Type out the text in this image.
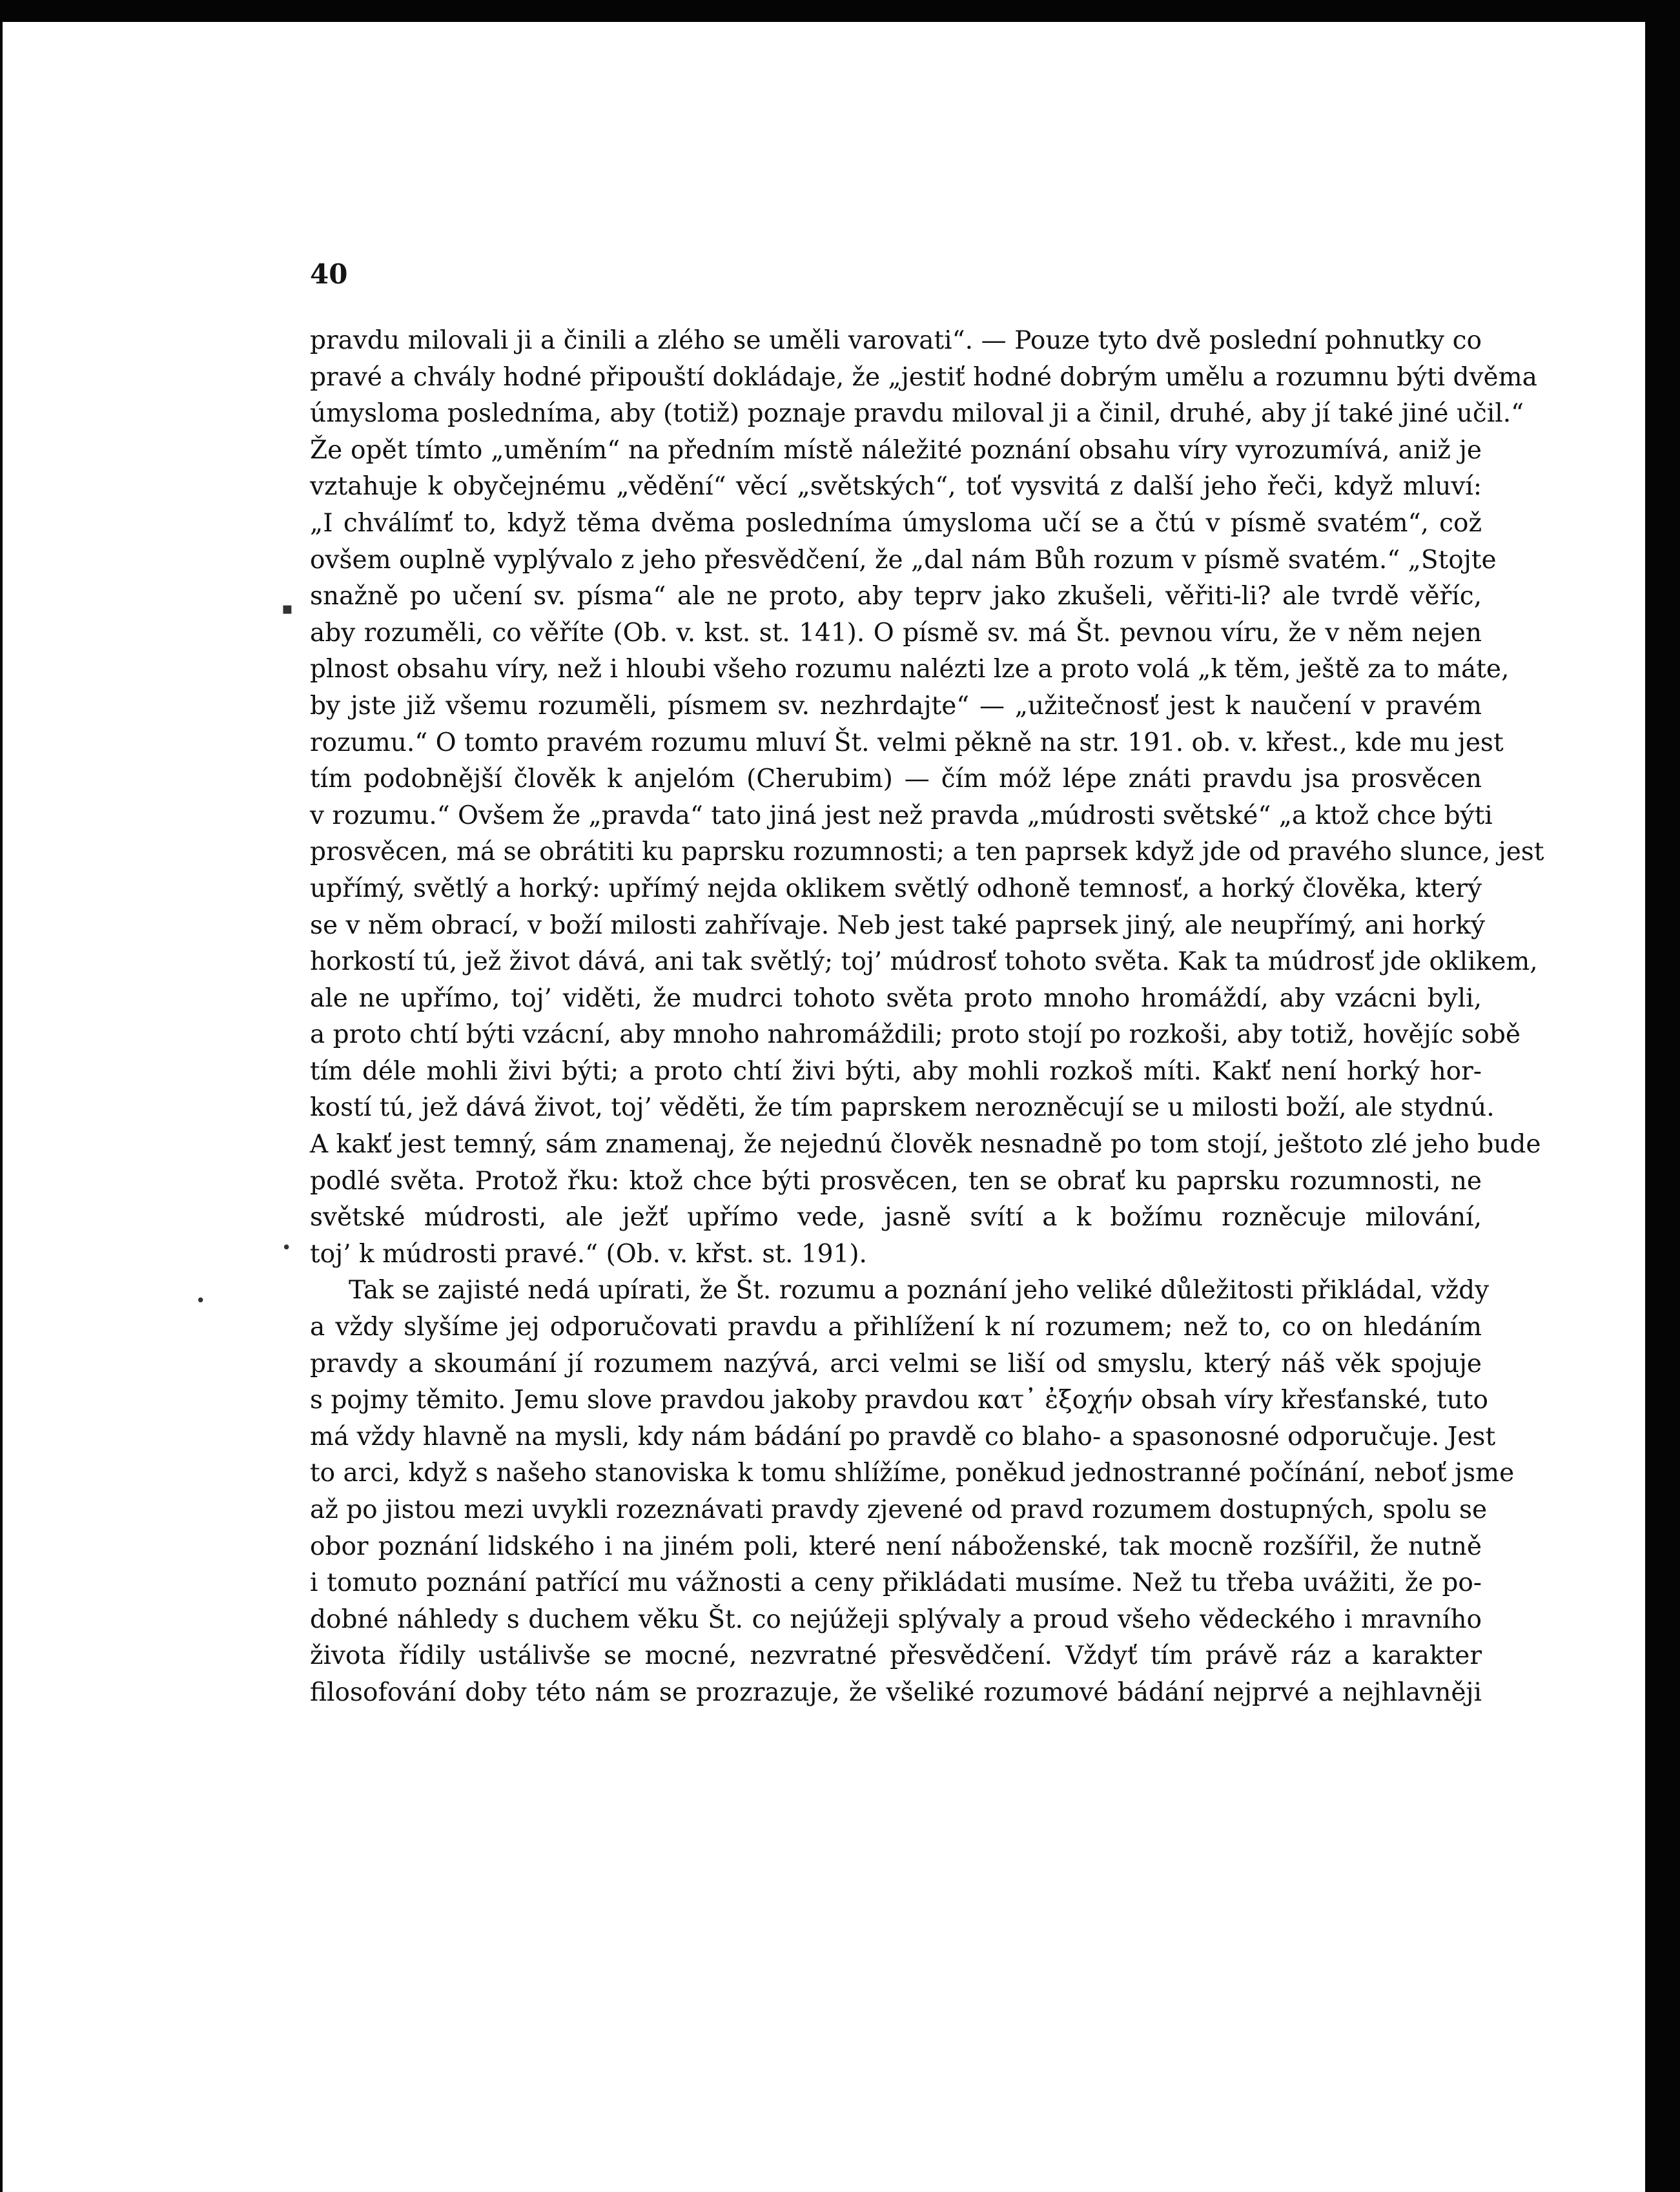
40
▪
•
•
pravdu milovali ji a činili a zlého se uměli varovati“. — Pouze tyto dvě poslední pohnutky co
pravé a chvály hodné připouští dokládaje, že „jestiť hodné dobrým umělu a rozumnu býti dvěma
úmysloma posledníma, aby (totiž) poznaje pravdu miloval ji a činil, druhé, aby jí také jiné učil.“
Že opět tímto „uměním“ na předním místě náležité poznání obsahu víry vyrozumívá, aniž je
vztahuje k obyčejnému „vědění“ věcí „světských“, toť vysvitá z další jeho řeči, když mluví:
„I chválímť to, když těma dvěma posledníma úmysloma učí se a čtú v písmě svatém“, což
ovšem ouplně vyplývalo z jeho přesvědčení, že „dal nám Bůh rozum v písmě svatém.“ „Stojte
snažně po učení sv. písma“ ale ne proto, aby teprv jako zkušeli, věřiti-li? ale tvrdě věříc,
aby rozuměli, co věříte (Ob. v. kst. st. 141). O písmě sv. má Št. pevnou víru, že v něm nejen
plnost obsahu víry, než i hloubi všeho rozumu nalézti lze a proto volá „k těm, ještě za to máte,
by jste již všemu rozuměli, písmem sv. nezhrdajte“ — „užitečnosť jest k naučení v pravém
rozumu.“ O tomto pravém rozumu mluví Št. velmi pěkně na str. 191. ob. v. křest., kde mu jest
tím podobnější člověk k anjelóm (Cherubim) — čím móž lépe znáti pravdu jsa prosvěcen
v rozumu.“ Ovšem že „pravda“ tato jiná jest než pravda „múdrosti světské“ „a ktož chce býti
prosvěcen, má se obrátiti ku paprsku rozumnosti; a ten paprsek když jde od pravého slunce, jest
upřímý, světlý a horký: upřímý nejda oklikem světlý odhoně temnosť, a horký člověka, který
se v něm obrací, v boží milosti zahřívaje. Neb jest také paprsek jiný, ale neupřímý, ani horký
horkostí tú, jež život dává, ani tak světlý; toj’ múdrosť tohoto světa. Kak ta múdrosť jde oklikem,
ale ne upřímo, toj’ viděti, že mudrci tohoto světa proto mnoho hromáždí, aby vzácni byli,
a proto chtí býti vzácní, aby mnoho nahromáždili; proto stojí po rozkoši, aby totiž, hovějíc sobě
tím déle mohli živi býti; a proto chtí živi býti, aby mohli rozkoš míti. Kakť není horký hor-
kostí tú, jež dává život, toj’ věděti, že tím paprskem nerozněcují se u milosti boží, ale stydnú.
A kakť jest temný, sám znamenaj, že nejednú člověk nesnadně po tom stojí, ještoto zlé jeho bude
podlé světa. Protož řku: ktož chce býti prosvěcen, ten se obrať ku paprsku rozumnosti, ne
světské múdrosti, ale ježť upřímo vede, jasně svítí a k božímu rozněcuje milování,
toj’ k múdrosti pravé.“ (Ob. v. křst. st. 191).
Tak se zajisté nedá upírati, že Št. rozumu a poznání jeho veliké důležitosti přikládal, vždy
a vždy slyšíme jej odporučovati pravdu a přihlížení k ní rozumem; než to, co on hledáním
pravdy a skoumání jí rozumem nazývá, arci velmi se liší od smyslu, který náš věk spojuje
s pojmy těmito. Jemu slove pravdou jakoby pravdou κατ᾽ ἐξοχήν obsah víry křesťanské, tuto
má vždy hlavně na mysli, kdy nám bádání po pravdě co blaho- a spasonosné odporučuje. Jest
to arci, když s našeho stanoviska k tomu shlížíme, poněkud jednostranné počínání, neboť jsme
až po jistou mezi uvykli rozeznávati pravdy zjevené od pravd rozumem dostupných, spolu se
obor poznání lidského i na jiném poli, které není náboženské, tak mocně rozšířil, že nutně
i tomuto poznání patřící mu vážnosti a ceny přikládati musíme. Než tu třeba uvážiti, že po-
dobné náhledy s duchem věku Št. co nejúžeji splývaly a proud všeho vědeckého i mravního
života řídily ustálivše se mocné, nezvratné přesvědčení. Vždyť tím právě ráz a karakter
filosofování doby této nám se prozrazuje, že všeliké rozumové bádání nejprvé a nejhlavněji
